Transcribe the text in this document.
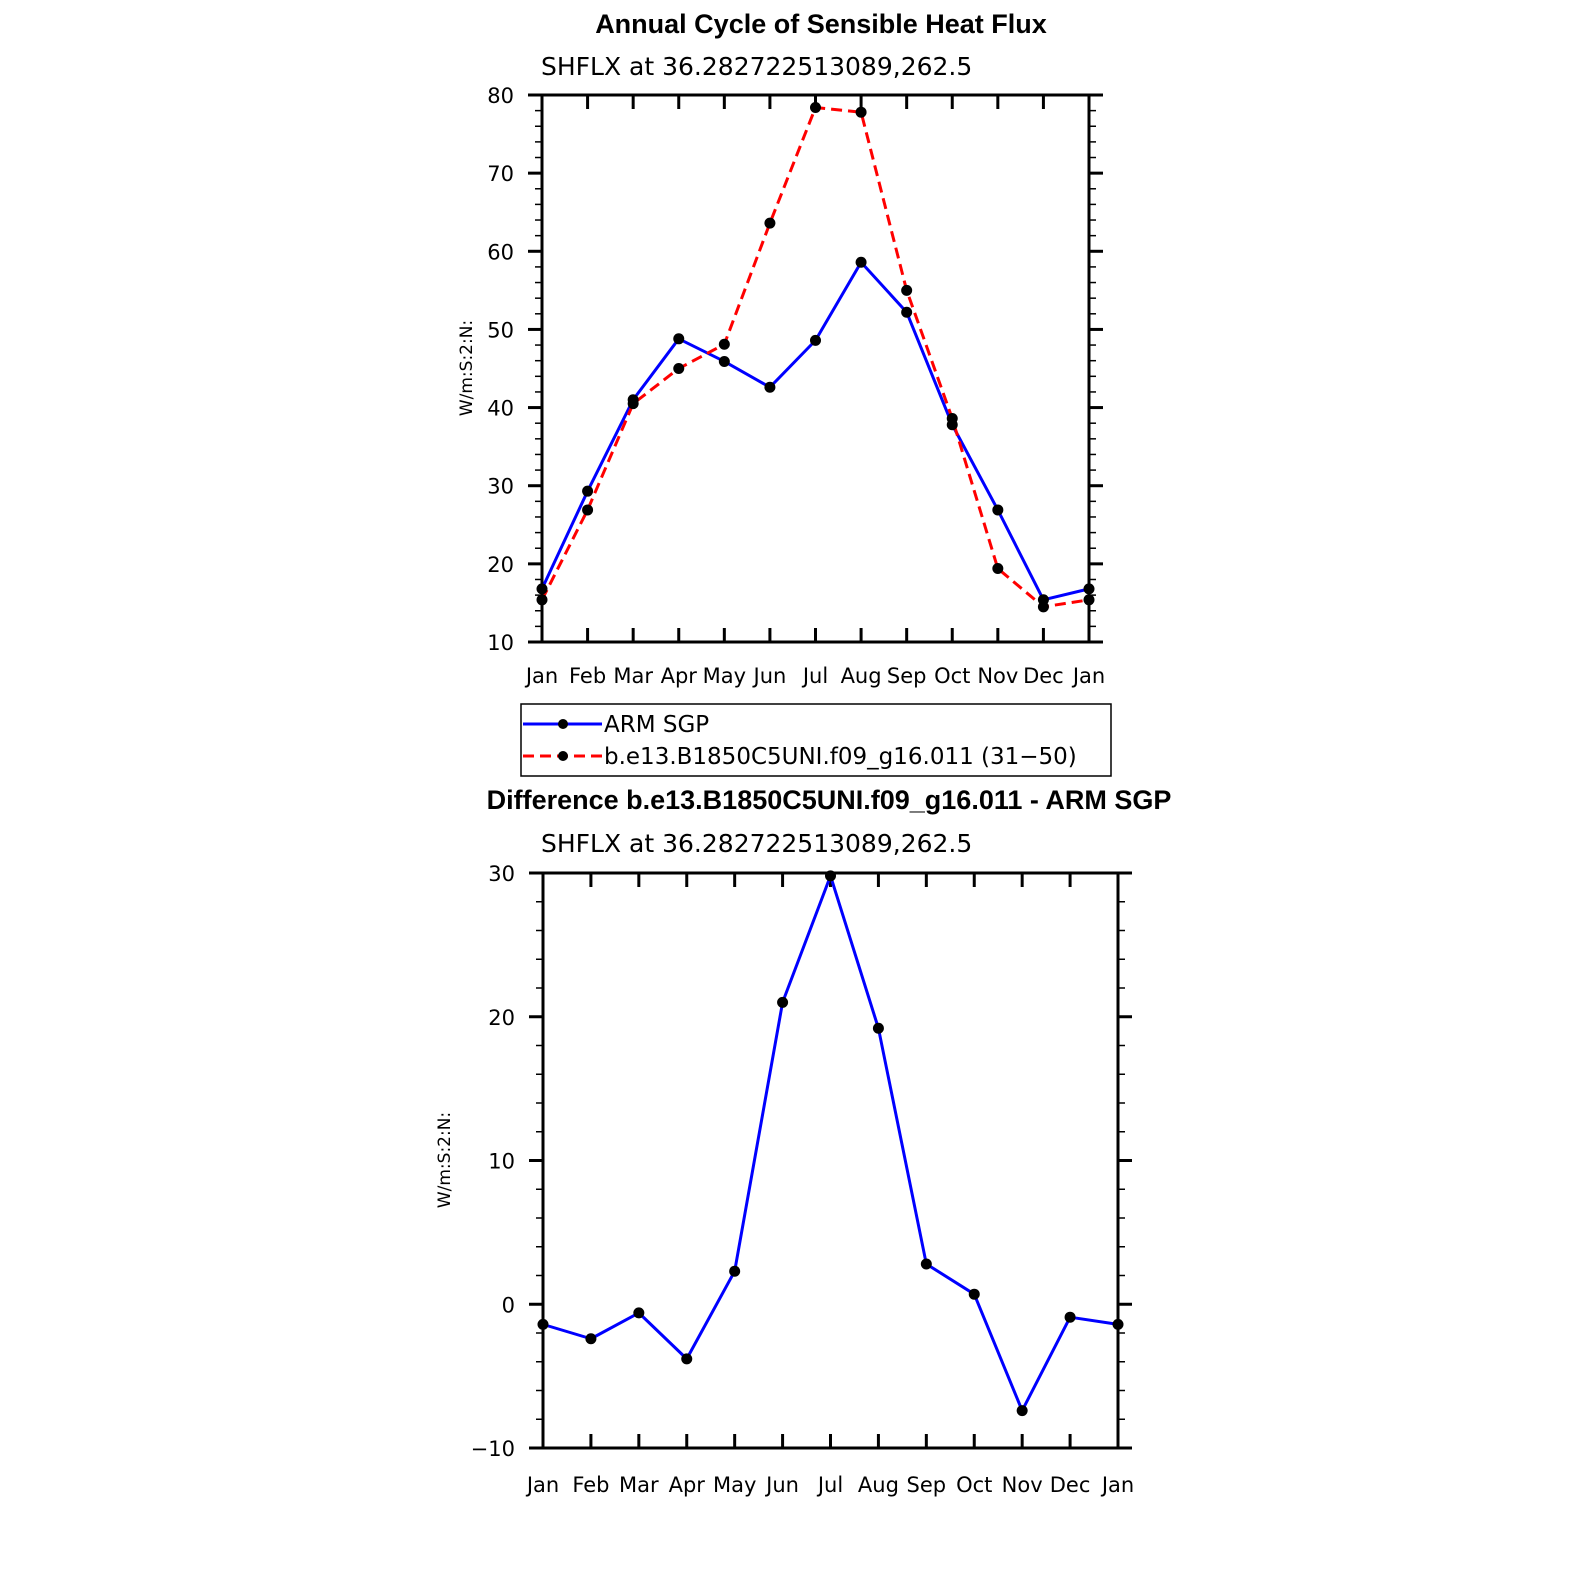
Annual Cycle of Sensible Heat Flux
SHFLX at 36.282722513089,262.5
W/m:S:2:N:
10
20
30
40
50
60
70
80
Jan Feb Mar Apr May Jun Jul Aug Sep Oct Nov Dec Jan
ARM SGP
b.e13.B1850C5UNI.f09_g16.011 (31−50)
Difference b.e13.B1850C5UNI.f09_g16.011 - ARM SGP
SHFLX at 36.282722513089,262.5
W/m:S:2:N:
−10
0
10
20
30
Jan Feb Mar Apr May Jun Jul Aug Sep Oct Nov Dec Jan
